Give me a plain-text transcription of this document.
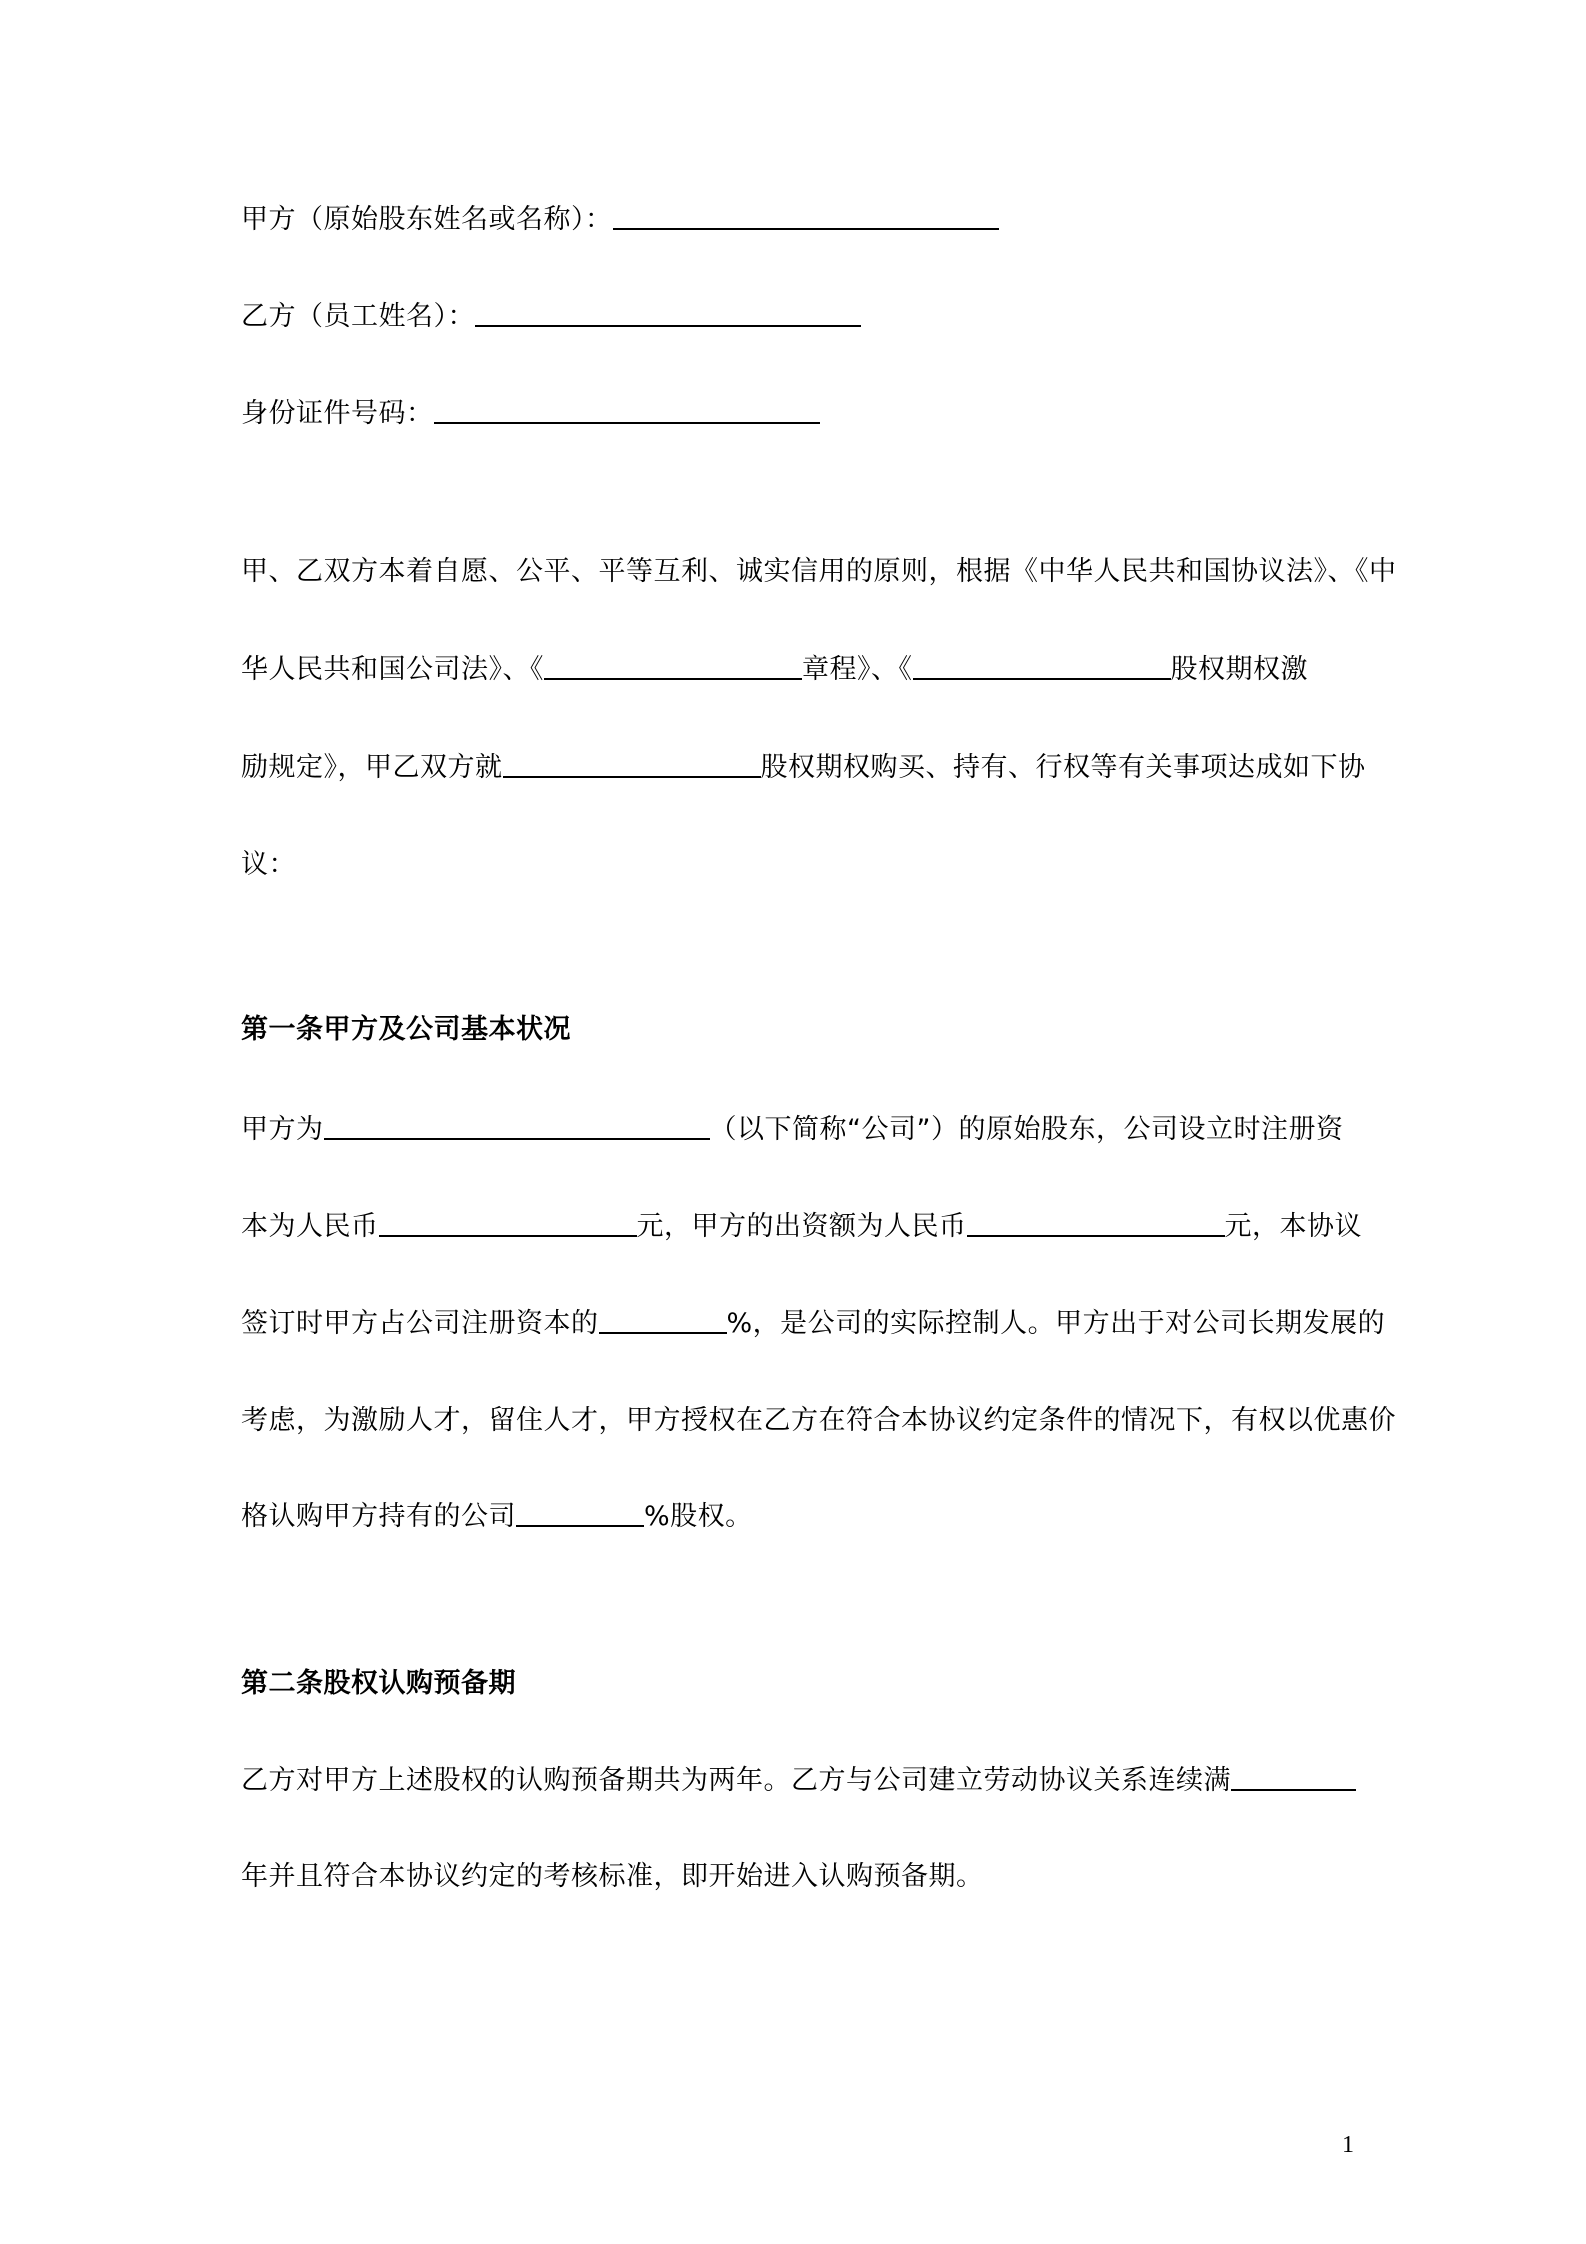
甲方（原始股东姓名或名称）：
乙方（员工姓名）：
身份证件号码：
甲、乙双方本着自愿、公平、平等互利、诚实信用的原则，根据《中华人民共和国协议法》、《中
华人民共和国公司法》、《	章程》、《	股权期权激
励规定》，甲乙双方就	股权期权购买、持有、行权等有关事项达成如下协
议：
第一条甲方及公司基本状况
甲方为	（以下简称“公司”）的原始股东，公司设立时注册资
本为人民币	元，甲方的出资额为人民币	元，本协议
签订时甲方占公司注册资本的	%，是公司的实际控制人。甲方出于对公司长期发展的
考虑，为激励人才，留住人才，甲方授权在乙方在符合本协议约定条件的情况下，有权以优惠价
格认购甲方持有的公司	%股权。
第二条股权认购预备期
乙方对甲方上述股权的认购预备期共为两年。乙方与公司建立劳动协议关系连续满
年并且符合本协议约定的考核标准，即开始进入认购预备期。
1
